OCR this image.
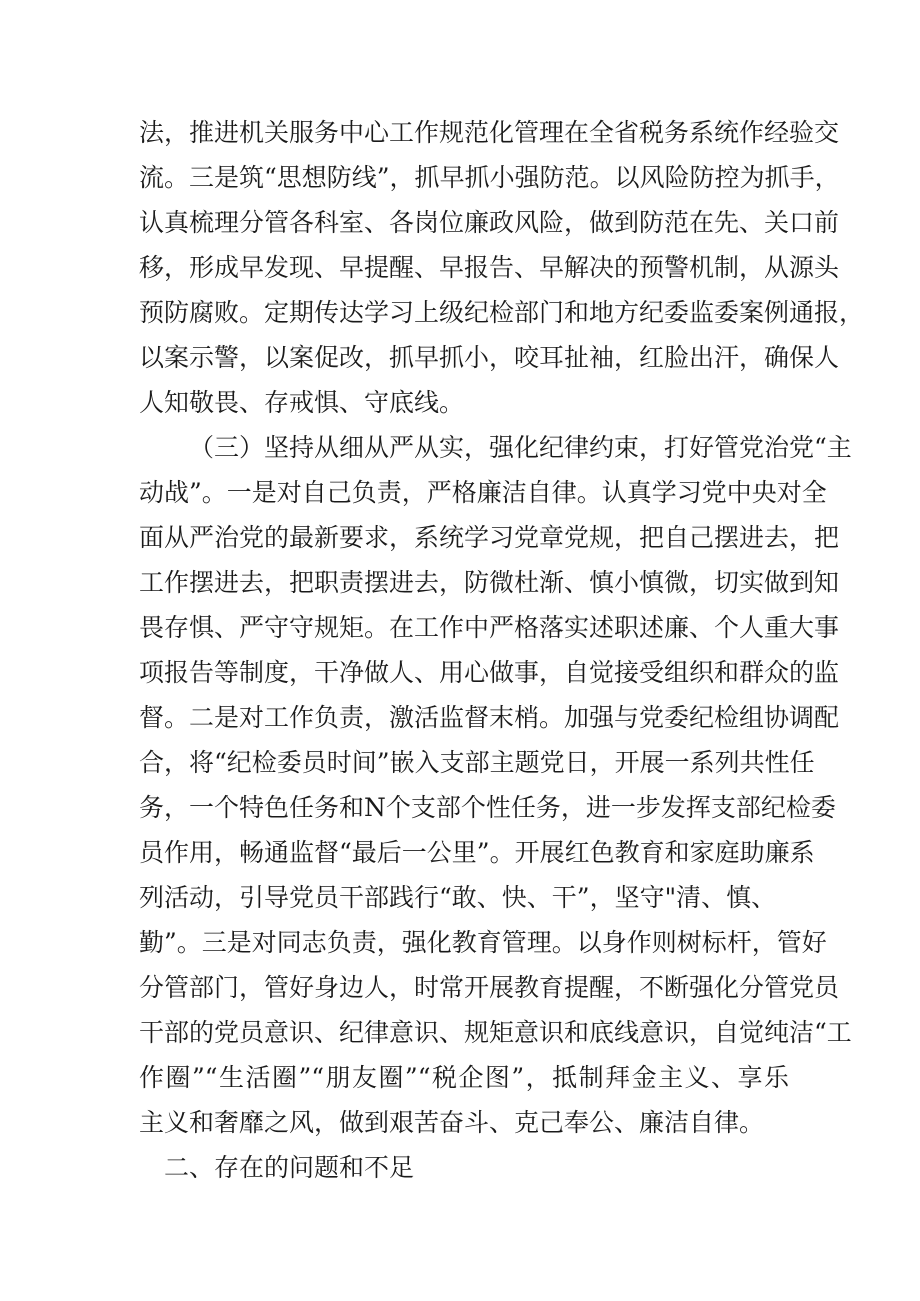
法，推进机关服务中心工作规范化管理在全省税务系统作经验交
流。三是筑“思想防线”，抓早抓小强防范。以风险防控为抓手，
认真梳理分管各科室、各岗位廉政风险，做到防范在先、关口前
移，形成早发现、早提醒、早报告、早解决的预警机制，从源头
预防腐败。定期传达学习上级纪检部门和地方纪委监委案例通报，
以案示警，以案促改，抓早抓小，咬耳扯袖，红脸出汗，确保人
人知敬畏、存戒惧、守底线。
（三）坚持从细从严从实，强化纪律约束，打好管党治党“主
动战”。一是对自己负责，严格廉洁自律。认真学习党中央对全
面从严治党的最新要求，系统学习党章党规，把自己摆进去，把
工作摆进去，把职责摆进去，防微杜渐、慎小慎微，切实做到知
畏存惧、严守守规矩。在工作中严格落实述职述廉、个人重大事
项报告等制度，干净做人、用心做事，自觉接受组织和群众的监
督。二是对工作负责，激活监督末梢。加强与党委纪检组协调配
合，将“纪检委员时间”嵌入支部主题党日，开展一系列共性任
务，一个特色任务和N个支部个性任务，进一步发挥支部纪检委
员作用，畅通监督“最后一公里”。开展红色教育和家庭助廉系
列活动，引导党员干部践行“敢、快、干”，坚守"清、慎、
勤”。三是对同志负责，强化教育管理。以身作则树标杆，管好
分管部门，管好身边人，时常开展教育提醒，不断强化分管党员
干部的党员意识、纪律意识、规矩意识和底线意识，自觉纯洁“工
作圈”“生活圈”“朋友圈”“税企图”，抵制拜金主义、享乐
主义和奢靡之风，做到艰苦奋斗、克己奉公、廉洁自律。
二、存在的问题和不足
